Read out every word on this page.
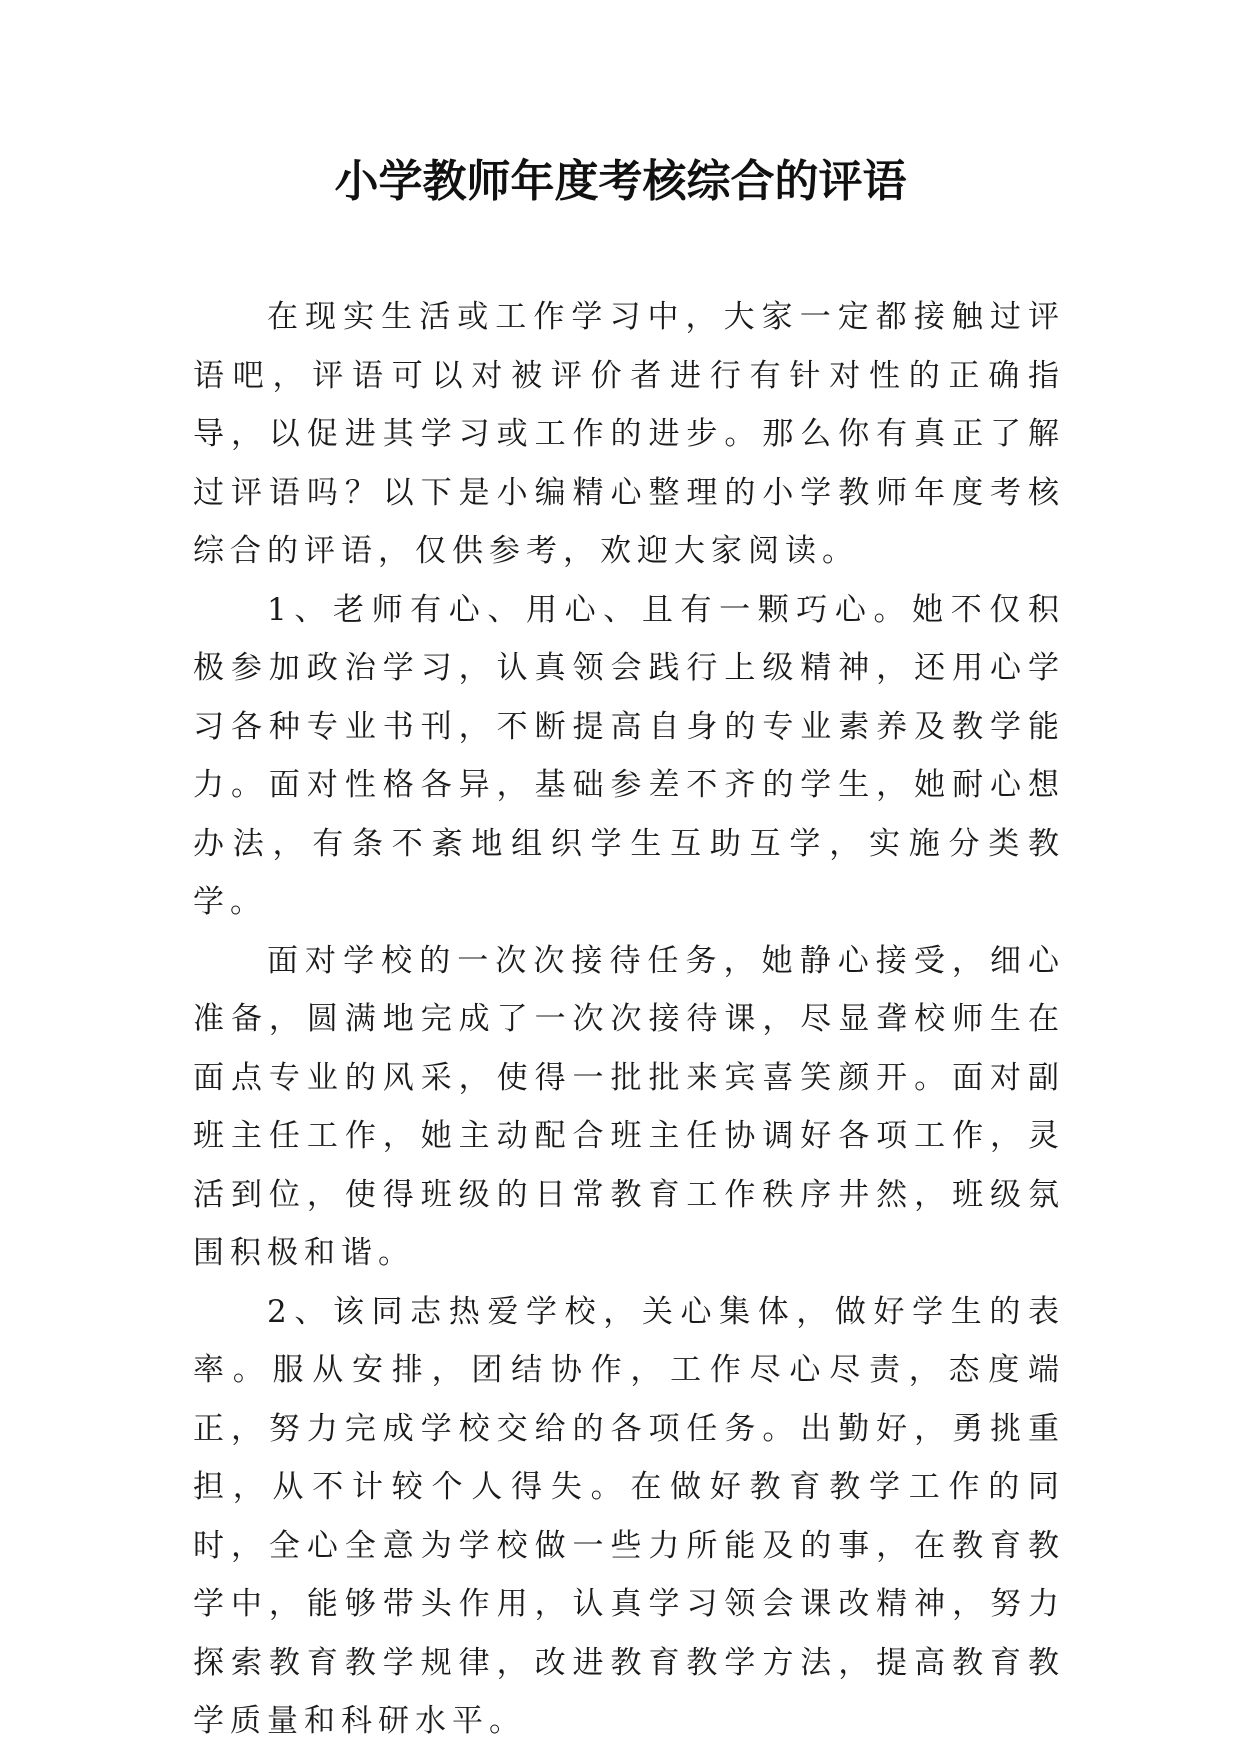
小学教师年度考核综合的评语

在现实生活或工作学习中，大家一定都接触过评语吧，评语可以对被评价者进行有针对性的正确指导，以促进其学习或工作的进步。那么你有真正了解过评语吗？以下是小编精心整理的小学教师年度考核综合的评语，仅供参考，欢迎大家阅读。

1、老师有心、用心、且有一颗巧心。她不仅积极参加政治学习，认真领会践行上级精神，还用心学习各种专业书刊，不断提高自身的专业素养及教学能力。面对性格各异，基础参差不齐的学生，她耐心想办法，有条不紊地组织学生互助互学，实施分类教学。

面对学校的一次次接待任务，她静心接受，细心准备，圆满地完成了一次次接待课，尽显聋校师生在面点专业的风采，使得一批批来宾喜笑颜开。面对副班主任工作，她主动配合班主任协调好各项工作，灵活到位，使得班级的日常教育工作秩序井然，班级氛围积极和谐。

2、该同志热爱学校，关心集体，做好学生的表率。服从安排，团结协作，工作尽心尽责，态度端正，努力完成学校交给的各项任务。出勤好，勇挑重担，从不计较个人得失。在做好教育教学工作的同时，全心全意为学校做一些力所能及的事，在教育教学中，能够带头作用，认真学习领会课改精神，努力探索教育教学规律，改进教育教学方法，提高教育教学质量和科研水平。
